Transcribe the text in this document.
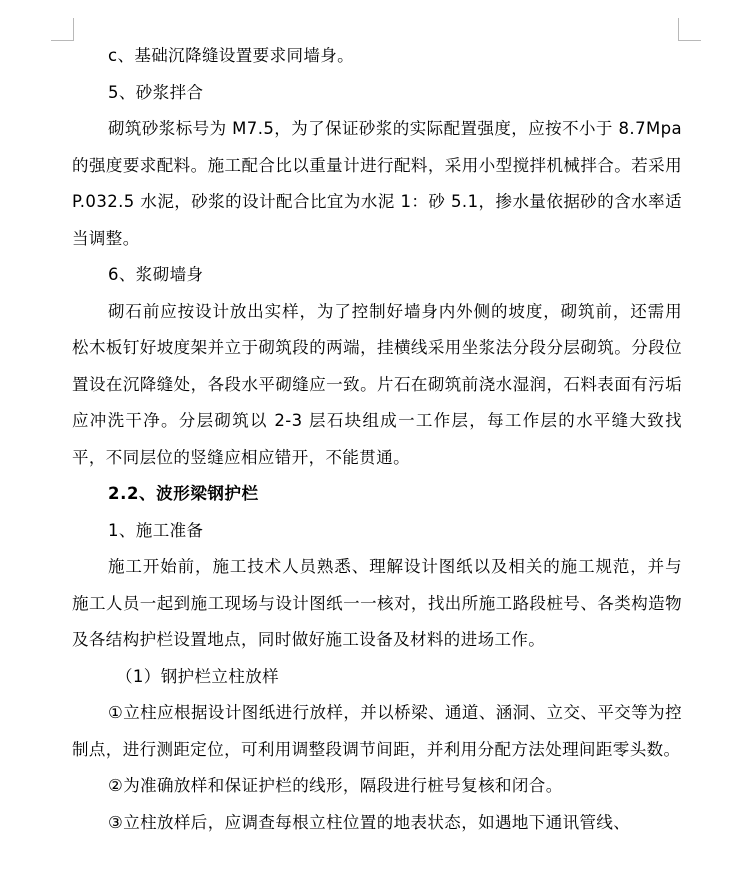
c、基础沉降缝设置要求同墙身。

5、砂浆拌合

砌筑砂浆标号为 M7.5，为了保证砂浆的实际配置强度，应按不小于 8.7Mpa 的强度要求配料。施工配合比以重量计进行配料，采用小型搅拌机械拌合。若采用 P.032.5 水泥，砂浆的设计配合比宜为水泥 1：砂 5.1，掺水量依据砂的含水率适当调整。

6、浆砌墙身

砌石前应按设计放出实样，为了控制好墙身内外侧的坡度，砌筑前，还需用松木板钉好坡度架并立于砌筑段的两端，挂横线采用坐浆法分段分层砌筑。分段位置设在沉降缝处，各段水平砌缝应一致。片石在砌筑前浇水湿润，石料表面有污垢应冲洗干净。分层砌筑以 2-3 层石块组成一工作层，每工作层的水平缝大致找平，不同层位的竖缝应相应错开，不能贯通。

2.2、波形梁钢护栏

1、施工准备

施工开始前，施工技术人员熟悉、理解设计图纸以及相关的施工规范，并与施工人员一起到施工现场与设计图纸一一核对，找出所施工路段桩号、各类构造物及各结构护栏设置地点，同时做好施工设备及材料的进场工作。

（1）钢护栏立柱放样

①立柱应根据设计图纸进行放样，并以桥梁、通道、涵洞、立交、平交等为控制点，进行测距定位，可利用调整段调节间距，并利用分配方法处理间距零头数。

②为准确放样和保证护栏的线形，隔段进行桩号复核和闭合。

③立柱放样后，应调查每根立柱位置的地表状态，如遇地下通讯管线、
